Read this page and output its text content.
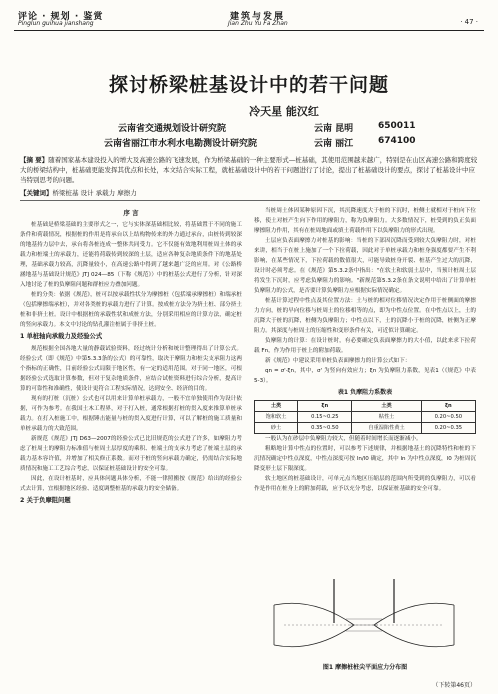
评论 · 规划 · 鉴赏
Pinglun guihua jianshang
建筑与发展
Jian Zhu Yu Fa Zhan	· 47 ·
探讨桥梁桩基设计中的若干问题
冷天星 能汉红
云南省交通规划设计研究院	云南 昆明	650011
云南省丽江市水利水电勘测设计研究院	云南 丽江	674100
【摘 要】随着国家基本建设投入的增大及高速公路的飞速发展，作为桥梁基础的一种主要形式—桩基础，其使用范围越来越广，特别是在山区高速公路和跨度较大的桥梁结构中，桩基础更能发挥其优点和长处，本文结合实际工程，就桩基础设计中的若干问题进行了讨论，提出了桩基础设计的要点，探讨了桩基设计中应当特别思考的问题。
【关键词】桥梁桩基 设计 承载力 摩擦力
序 言

桩基础是桥梁基础的主要形式之一，它与实体深基础相比较，将基础置于不同的施工条件和荷载情况，根据桩的作用是将承台以上结构物传来的外力通过承台，由桩传到较深的地基持力层中去，承台将各桩连成一整体共同受力。它不仅能有效地利用桩周土体的承载力和桩端土的承载力，还能将荷载传到较深的土层，适应各种复杂地质条件下的地基处理，基础承载力较高，沉降量较小，在高速公路中得到了越来越广泛的应用。对《公路桥涵地基与基础设计规范》JTJ 024—85（下称《规范》）中的桩基公式进行了分析，针对深入地讨论了桩的负摩阻问题和群桩应力叠加问题。

桩的分类：依据《规范》，桩可以按承载性状分为摩擦桩（包括端承摩擦桩）和端承桩（包括摩擦端承桩），并对各类桩的承载力进行了计算。按成桩方法分为挤土桩、部分挤土桩和非挤土桩。设计中根据桩的承载性状和成桩方法，分别采用相应的计算方法，确定桩的竖向承载力。本文中讨论的钻孔灌注桩属于非挤土桩。

1 单桩轴向承载力及经验公式

规范根据全国各地大量的静载试验资料，经过统计分析和统计整理得出了计算公式。经验公式（即《规范》中第5.3.3条的公式）的可靠性，取决于摩阻力和桩尖支承阻力这两个指标的正确性，目前经验公式局限于地区性，有一定的适用范围。对于同一地区，可根据经验公式选取计算参数，但对于复杂地质条件，应结合试桩资料进行综合分析，提高计算的可靠性和准确性，使设计更符合工程实际情况，达到安全、经济的目的。

现有的打桩（沉桩）公式也可以用来计算单桩承载力，一般不宜单独使用作为设计依据，可作为参考。在我国土木工程界，对于打入桩，通常根据打桩的贯入度来推算单桩承载力。在打入桩施工中，根据锤击能量与桩的贯入度进行计算，可以了解桩的施工质量和单桩承载力的大致范围。

新规范《规范》JTJ D63—2007的经验公式已比旧规范的公式进了许多，如摩阻力考虑了桩周土的摩阻力标准值与桩周土层厚度的乘积、桩端土的支承力考虑了桩端土层的承载力基本容许值，并增加了相关修正系数。而对于桩的竖向承载力确定，仍需结合实际地质情况和施工工艺综合考虑，以保证桩基础设计的安全可靠。

因此，在设计桩基时，应具体问题具体分析，不能一律照搬按《规范》给出的经验公式去计算，宜根据地区经验、适度调整桩基的承载力的安全储备。

2 关于负摩阻问题

当桩周土体因某种原因下沉，其沉降速度大于桩的下沉时，桩侧土就相对于桩向下位移，使土对桩产生向下作用的摩阻力，称为负摩阻力。大多数情况下，桩受到的负正负面摩擦阻力作用，其有在桩周地面或填土荷载作用下以负摩阻力的形式出现。

土层应负表面摩擦力对桩基的影响：当桩的下部因沉降而受到较大负摩阻力时，对桩来讲，相当于在桩上施加了一个下拉荷载，因此对于单桩承载力和桩身强度都要产生不利影响，在某些情况下，下拉荷载的数值很大，可能导致桩身开裂、桩基产生过大的沉降，设计时必须考虑。在《规范》第5.3.2条中指出："在软土和软弱土层中，当预计桩周土层将发生下沉时，应考虑负摩阻力的影响。"新规范第5.3.2条在条文说明中给出了计算单桩负摩阻力的公式，是否要计算负摩阻力应根据实际情况确定。

桩基计算过程中性点及其位置方法：土与桩的相对位移情况决定作用于桩侧面的摩擦力方向，桩的早向位移与桩周土的位移相等的点，即为中性点位置。在中性点以上，土的沉降大于桩的沉降，桩侧为负摩阻力；中性点以下，土的沉降小于桩的沉降，桩侧为正摩阻力。其深度与桩周土的压缩性和变形条件有关，可近似计算确定。

负摩阻力的计算：在设计桩时，有必要确定负表面摩擦力的大小值，以此来求下拉荷载 Fn，作为作用于桩上的附加荷载。

新《规范》中建议采用单桩负表面摩擦力的计算公式如下：

qn = σ'·ξn，其中，σ' 为竖向有效应力；ξn 为负摩阻力系数，见表1（《规范》中表5-3）。

表1 负摩阻力系数表
土类	ξn	土类	ξn
饱和软土	0.15~0.25	粘性土	0.20~0.50
砂土	0.35~0.50	自重湿陷性黄土	0.20~0.35

一般认为在砂层中负摩阻力较大，但随着时间增长而逐渐减小。

粗略地计算中性点的位置时，可以参考下述规律，并根据地基土的沉降特性和桩的下沉情况确定中性点深度，中性点深度可按 ln/l0 确定，其中 ln 为中性点深度，l0 为桩周沉降变形土层下限深度。

软土地区的桩基础设计，可单元点当地区压缩层的范围内所受到的负摩阻力，可以看作是作用在桩身上的附加荷载，应予以充分考虑，以保证桩基础的安全可靠。

图1 摩擦桩桩尖平面应力分布图
（下转第46页）
